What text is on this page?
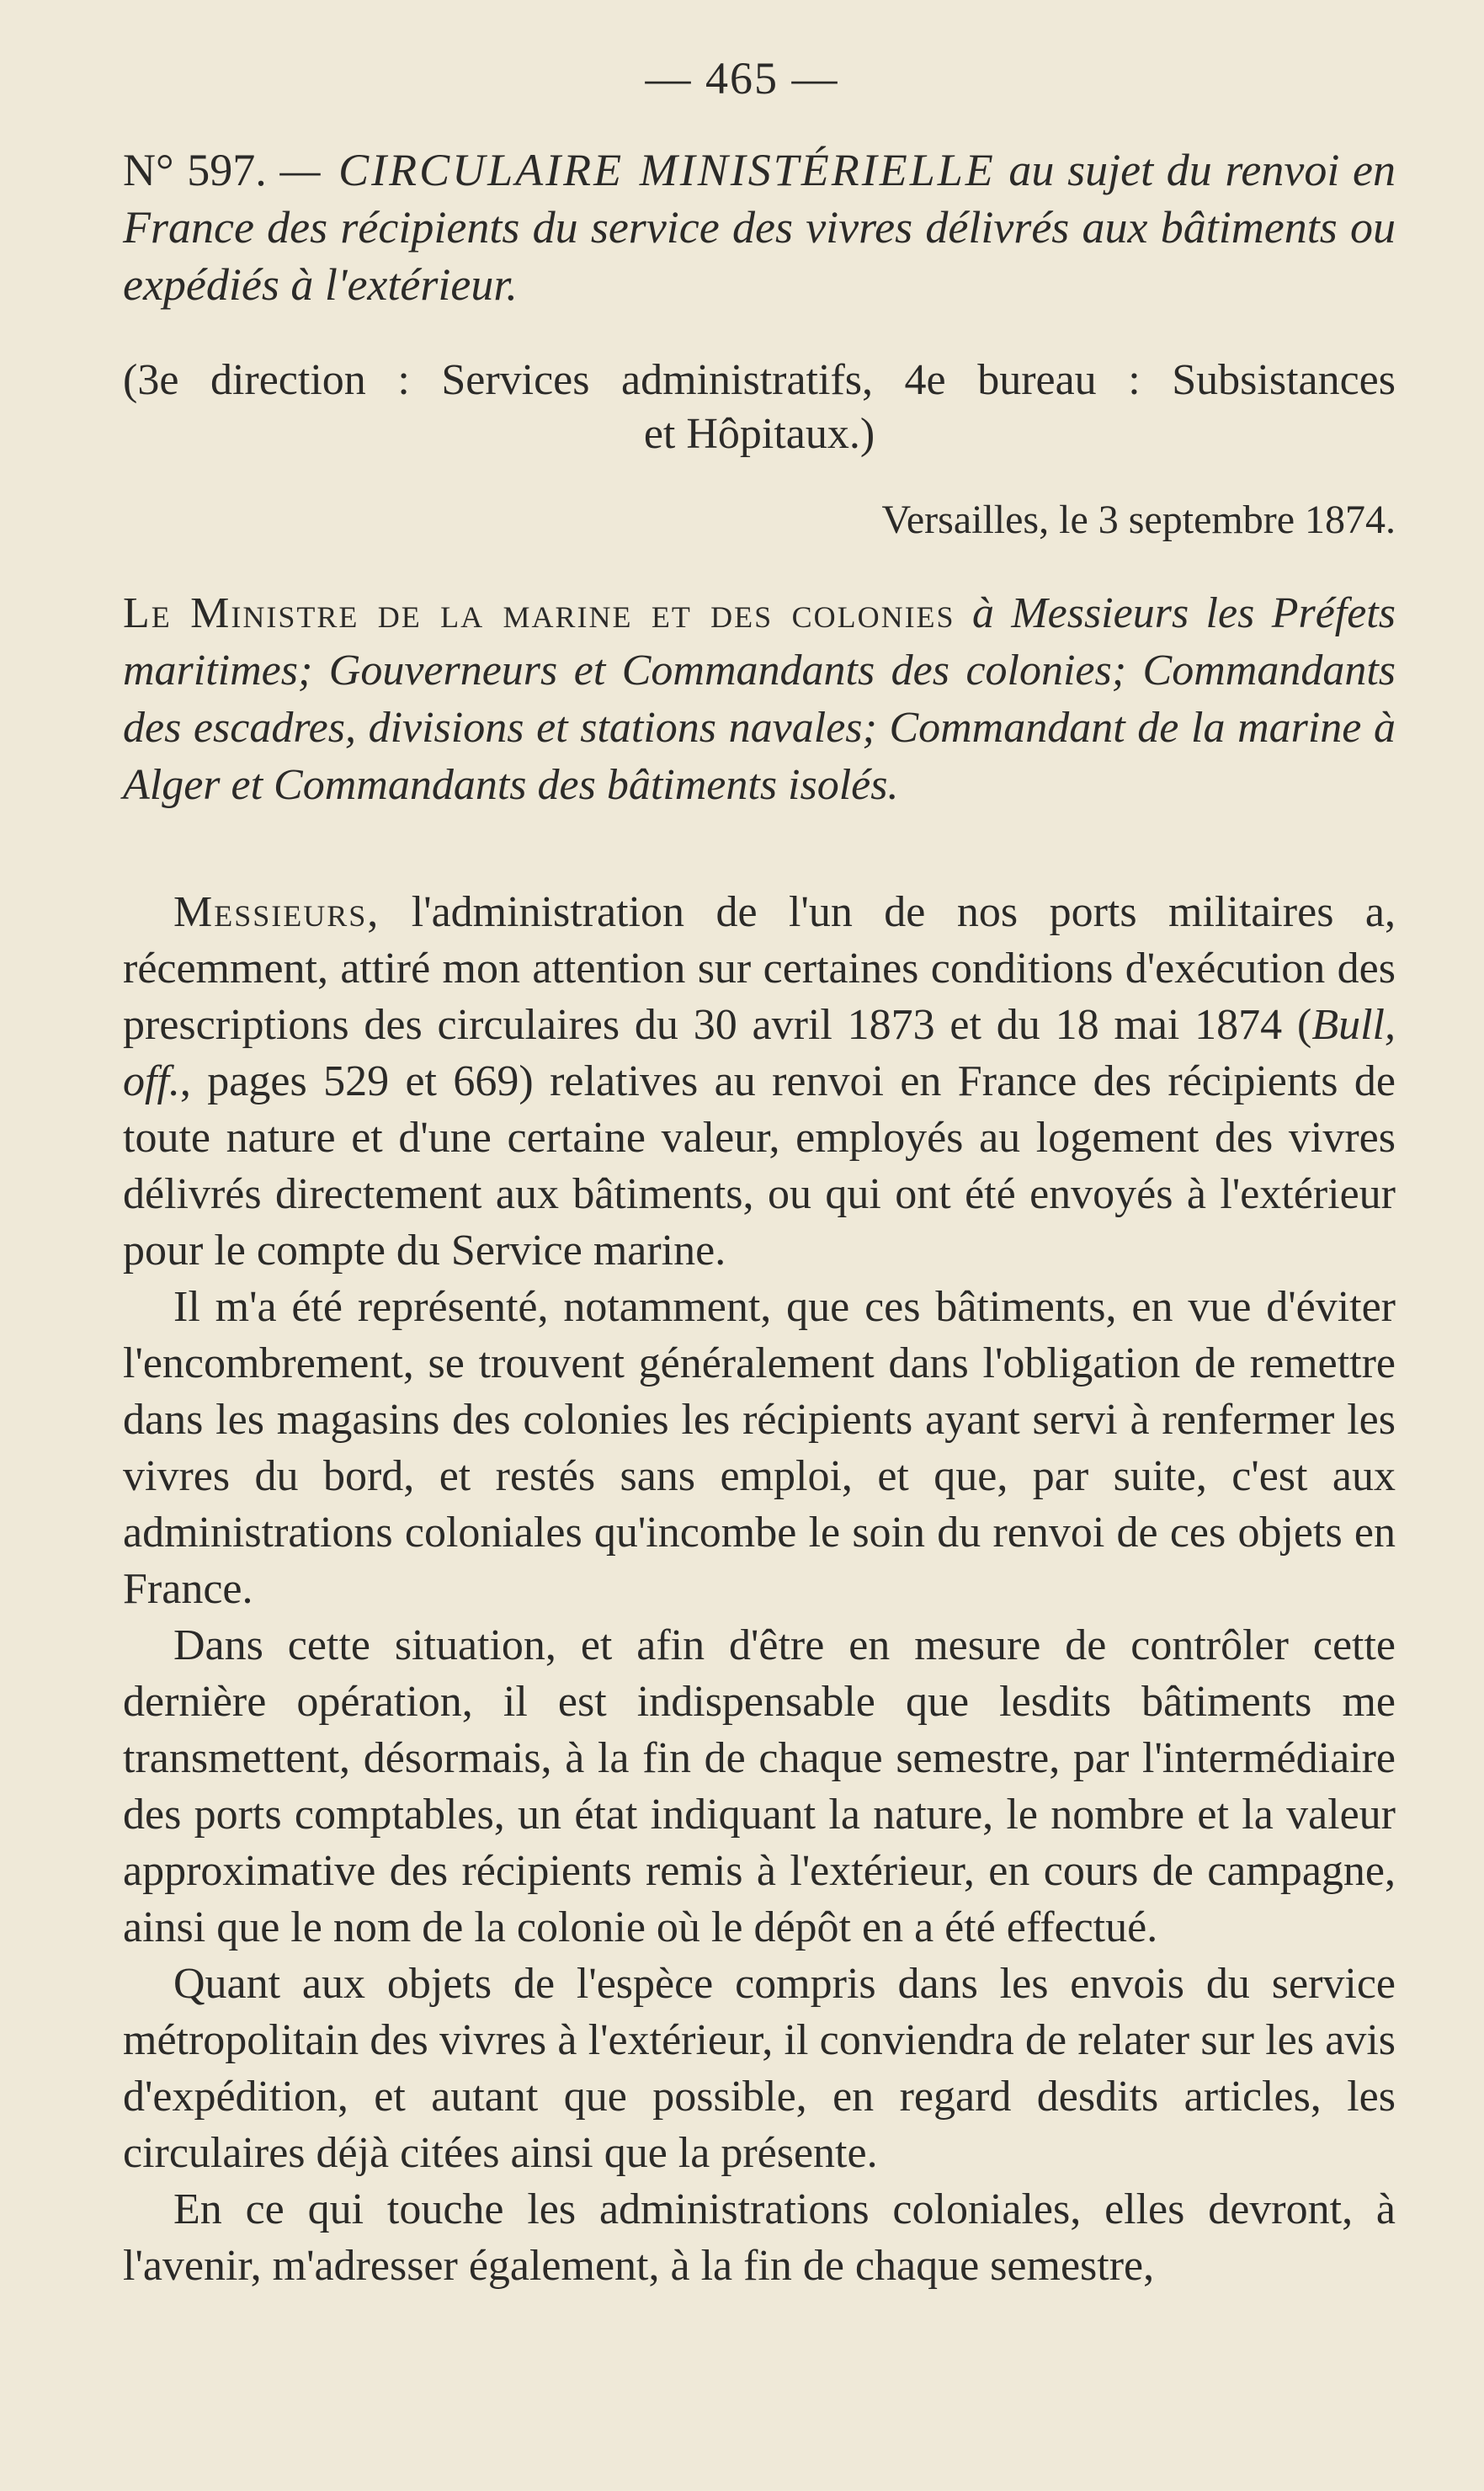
— 465 —
N° 597. — CIRCULAIRE MINISTÉRIELLE au sujet du renvoi en France des récipients du service des vivres délivrés aux bâtiments ou expédiés à l'extérieur.
(3e direction : Services administratifs, 4e bureau : Subsistances
et Hôpitaux.)
Versailles, le 3 septembre 1874.
Le Ministre de la marine et des colonies à Messieurs les Préfets maritimes; Gouverneurs et Commandants des colonies; Commandants des escadres, divisions et stations navales; Commandant de la marine à Alger et Commandants des bâtiments isolés.

Messieurs, l'administration de l'un de nos ports militaires a, récemment, attiré mon attention sur certaines conditions d'exécution des prescriptions des circulaires du 30 avril 1873 et du 18 mai 1874 (Bull, off., pages 529 et 669) relatives au renvoi en France des récipients de toute nature et d'une certaine valeur, employés au logement des vivres délivrés directement aux bâtiments, ou qui ont été envoyés à l'extérieur pour le compte du Service marine.

Il m'a été représenté, notamment, que ces bâtiments, en vue d'éviter l'encombrement, se trouvent généralement dans l'obligation de remettre dans les magasins des colonies les récipients ayant servi à renfermer les vivres du bord, et restés sans emploi, et que, par suite, c'est aux administrations coloniales qu'incombe le soin du renvoi de ces objets en France.

Dans cette situation, et afin d'être en mesure de contrôler cette dernière opération, il est indispensable que lesdits bâtiments me transmettent, désormais, à la fin de chaque semestre, par l'intermédiaire des ports comptables, un état indiquant la nature, le nombre et la valeur approximative des récipients remis à l'extérieur, en cours de campagne, ainsi que le nom de la colonie où le dépôt en a été effectué.

Quant aux objets de l'espèce compris dans les envois du service métropolitain des vivres à l'extérieur, il conviendra de relater sur les avis d'expédition, et autant que possible, en regard desdits articles, les circulaires déjà citées ainsi que la présente.

En ce qui touche les administrations coloniales, elles devront, à l'avenir, m'adresser également, à la fin de chaque semestre,
